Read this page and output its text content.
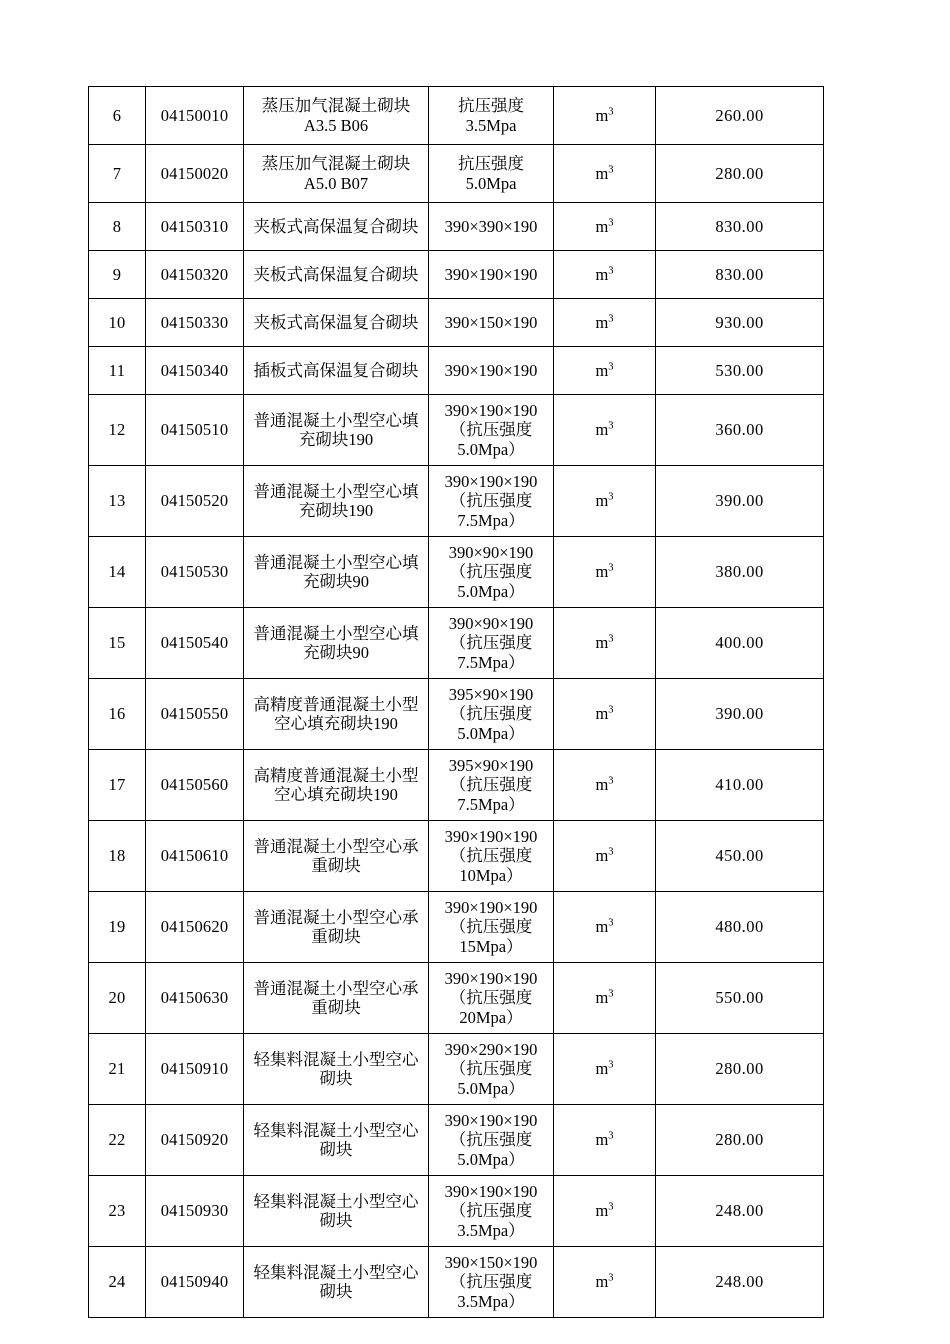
6	04150010	蒸压加气混凝土砌块
A3.5 B06	抗压强度
3.5Mpa	$m^3$	260.00
7	04150020	蒸压加气混凝土砌块
A5.0 B07	抗压强度
5.0Mpa	$m^3$	280.00
8	04150310	夹板式高保温复合砌块	390×390×190	$m^3$	830.00
9	04150320	夹板式高保温复合砌块	390×190×190	$m^3$	830.00
10	04150330	夹板式高保温复合砌块	390×150×190	$m^3$	930.00
11	04150340	插板式高保温复合砌块	390×190×190	$m^3$	530.00
12	04150510	普通混凝土小型空心填
充砌块190	390×190×190
（抗压强度
5.0Mpa）	$m^3$	360.00
13	04150520	普通混凝土小型空心填
充砌块190	390×190×190
（抗压强度
7.5Mpa）	$m^3$	390.00
14	04150530	普通混凝土小型空心填
充砌块90	390×90×190
（抗压强度
5.0Mpa）	$m^3$	380.00
15	04150540	普通混凝土小型空心填
充砌块90	390×90×190
（抗压强度
7.5Mpa）	$m^3$	400.00
16	04150550	高精度普通混凝土小型
空心填充砌块190	395×90×190
（抗压强度
5.0Mpa）	$m^3$	390.00
17	04150560	高精度普通混凝土小型
空心填充砌块190	395×90×190
（抗压强度
7.5Mpa）	$m^3$	410.00
18	04150610	普通混凝土小型空心承
重砌块	390×190×190
（抗压强度
10Mpa）	$m^3$	450.00
19	04150620	普通混凝土小型空心承
重砌块	390×190×190
（抗压强度
15Mpa）	$m^3$	480.00
20	04150630	普通混凝土小型空心承
重砌块	390×190×190
（抗压强度
20Mpa）	$m^3$	550.00
21	04150910	轻集料混凝土小型空心
砌块	390×290×190
（抗压强度
5.0Mpa）	$m^3$	280.00
22	04150920	轻集料混凝土小型空心
砌块	390×190×190
（抗压强度
5.0Mpa）	$m^3$	280.00
23	04150930	轻集料混凝土小型空心
砌块	390×190×190
（抗压强度
3.5Mpa）	$m^3$	248.00
24	04150940	轻集料混凝土小型空心
砌块	390×150×190
（抗压强度
3.5Mpa）	$m^3$	248.00
